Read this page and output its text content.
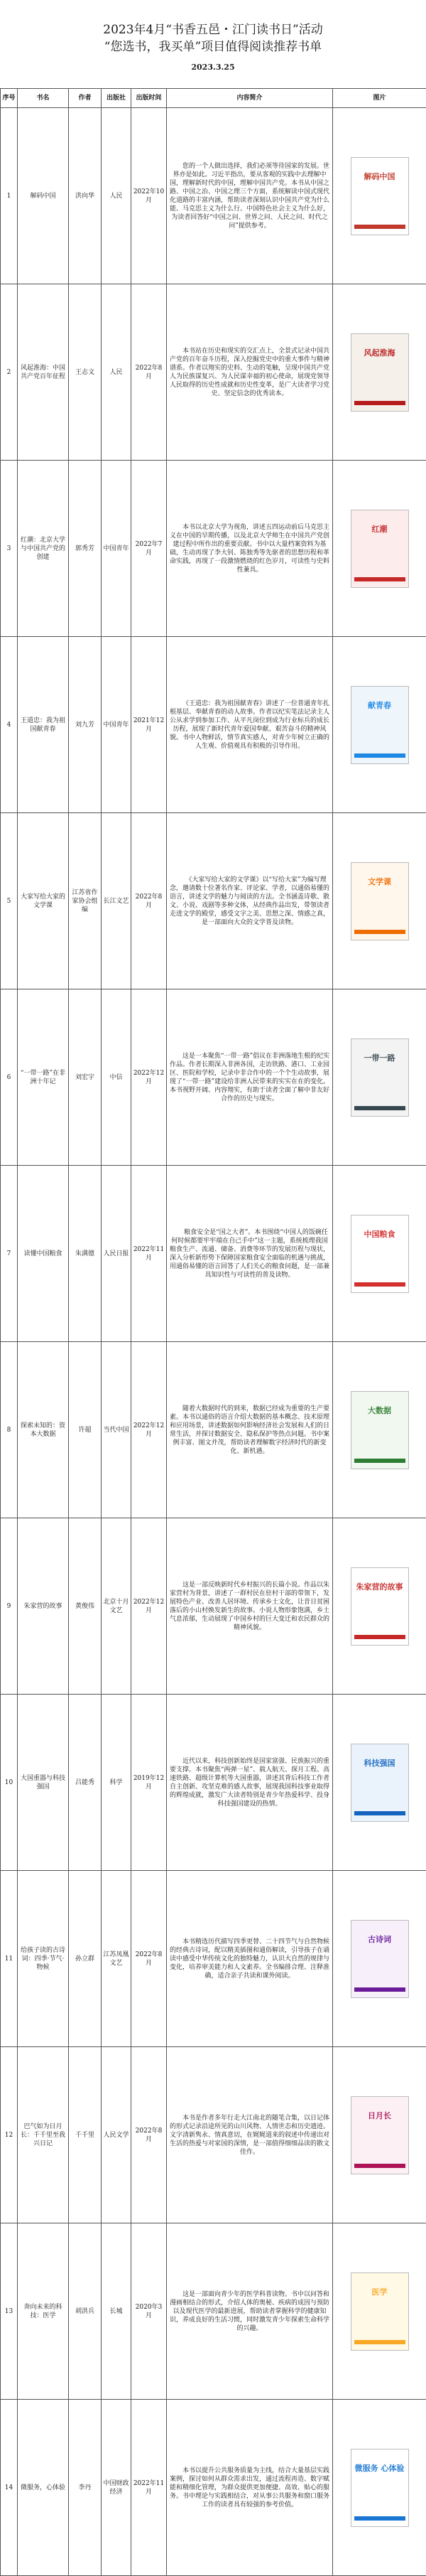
2023年4月“书香五邑・江门读书日”活动
“您选书，我买单”项目值得阅读推荐书单
2023.3.25
序号	书名	作者	出版社	出版时间	内容简介	图片
1	解码中国	洪向华	人民	2022年10月	您的一个人做出选择，我们必须等待国家的发展。世界亦是如此。习近平指出，要从客观的实践中去理解中国，理解新时代的中国，理解中国共产党。本书从中国之路、中国之治、中国之理三个方面，系统解读中国式现代化道路的丰富内涵，帮助读者深刻认识中国共产党为什么能、马克思主义为什么行、中国特色社会主义为什么好，为读者回答好“中国之问、世界之问、人民之问、时代之问”提供参考。	解码中国

2	风起淮海：中国共产党百年征程	王志文	人民	2022年8月	本书站在历史和现实的交汇点上，全景式记录中国共产党的百年奋斗历程，深入挖掘党史中的重大事件与精神谱系。作者以翔实的史料、生动的笔触，呈现中国共产党人为民族谋复兴、为人民谋幸福的初心使命，展现党领导人民取得的历史性成就和历史性变革，是广大读者学习党史、坚定信念的优秀读本。	风起淮海

3	红潮：北京大学与中国共产党的创建	郭秀芳	中国青年	2022年7月	本书以北京大学为视角，讲述五四运动前后马克思主义在中国的早期传播，以及北京大学师生在中国共产党创建过程中所作出的重要贡献。书中以大量档案资料为基础，生动再现了李大钊、陈独秀等先驱者的思想历程和革命实践，再现了一段激情燃烧的红色岁月，可读性与史料性兼具。	红潮

4	王道忠：我为祖国献青春	刘九芳	中国青年	2021年12月	《王道忠：我为祖国献青春》讲述了一位普通青年扎根基层、奉献青春的动人故事。作者以纪实笔法记录主人公从求学到参加工作、从平凡岗位到成为行业标兵的成长历程，展现了新时代青年爱国奉献、艰苦奋斗的精神风貌。书中人物鲜活，情节真实感人，对青少年树立正确的人生观、价值观具有积极的引导作用。	献青春

5	大家写给大家的文学课	江苏省作家协会组编	长江文艺	2022年8月	《大家写给大家的文学课》以“写给大家”为编写理念，邀请数十位著名作家、评论家、学者，以通俗易懂的语言，讲述文学的魅力与阅读的方法。全书涵盖诗歌、散文、小说、戏剧等多种文体，从经典作品出发，带领读者走进文学的殿堂，感受文字之美、思想之深、情感之真，是一部面向大众的文学普及读物。	文学课

6	“一带一路”在非洲十年记	刘宏宇	中信	2022年12月	这是一本聚焦“一带一路”倡议在非洲落地生根的纪实作品。作者长期深入非洲各国，走访铁路、港口、工业园区、医院和学校，记录中非合作中的一个个生动故事，展现了“一带一路”建设给非洲人民带来的实实在在的变化。本书视野开阔、内容翔实，有助于读者全面了解中非友好合作的历史与现实。	一带一路

7	读懂中国粮食	朱满德	人民日报	2022年11月	粮食安全是“国之大者”。本书围绕“中国人的饭碗任何时候都要牢牢端在自己手中”这一主题，系统梳理我国粮食生产、流通、储备、消费等环节的发展历程与现状，深入分析新形势下保障国家粮食安全面临的机遇与挑战，用通俗易懂的语言回答了人们关心的粮食问题，是一部兼具知识性与可读性的普及读物。	中国粮食

8	探索未知的：资本大数据	许超	当代中国	2022年12月	随着大数据时代的到来，数据已经成为重要的生产要素。本书以通俗的语言介绍大数据的基本概念、技术原理和应用场景，讲述数据如何影响经济社会发展和人们的日常生活，并探讨数据安全、隐私保护等热点问题。书中案例丰富、图文并茂，帮助读者理解数字经济时代的新变化、新机遇。	大数据

9	朱家营的故事	黄俊伟	北京十月文艺	2022年12月	这是一部反映新时代乡村振兴的长篇小说。作品以朱家营村为背景，讲述了一群村民在驻村干部的带领下，发展特色产业、改善人居环境、传承乡土文化，让昔日贫困落后的小山村焕发新生的故事。小说人物形象饱满，乡土气息浓郁，生动展现了中国乡村的巨大变迁和农民群众的精神风貌。	朱家营的故事

10	大国重器与科技强国	吕能秀	科学	2019年12月	近代以来，科技创新始终是国家富强、民族振兴的重要支撑。本书聚焦“两弹一星”、载人航天、探月工程、高速铁路、超级计算机等大国重器，讲述其背后科技工作者自主创新、攻坚克难的感人故事，展现我国科技事业取得的辉煌成就，激发广大读者特别是青少年热爱科学、投身科技强国建设的热情。	科技强国

11	给孩子读的古诗词：四季·节气·物候	孙立群	江苏凤凰文艺	2022年8月	本书精选历代描写四季更替、二十四节气与自然物候的经典古诗词，配以精美插图和通俗解读，引导孩子在诵读中感受中华传统文化的独特魅力，认识大自然的规律与变化，培养审美能力和人文素养。全书编排合理、注释准确，适合亲子共读和课外阅读。	古诗词

12	巴气如为日月长：千千里至我兴日记	千千里	人民文学	2022年8月	本书是作者多年行走大江南北的随笔合集，以日记体的形式记录沿途所见的山川风物、人情世态和历史遗迹。文字清新隽永、情真意切，在娓娓道来的叙述中传递出对生活的热爱与对家国的深情，是一部值得细细品读的散文佳作。	日月长

13	奔向未来的科技：医学	胡洪兵	长城	2020年3月	这是一部面向青少年的医学科普读物。书中以问答和漫画相结合的形式，介绍人体的奥秘、疾病的成因与预防以及现代医学的最新进展，帮助读者掌握科学的健康知识，养成良好的生活习惯，同时激发青少年探索生命科学的兴趣。	医学

14	微服务，心体验	李丹	中国财政经济	2022年11月	本书以提升公共服务质量为主线，结合大量基层实践案例，探讨如何从群众需求出发，通过流程再造、数字赋能和精细化管理，为群众提供更加便捷、高效、贴心的服务。书中理论与实践相结合，对从事公共服务和窗口服务工作的读者具有较强的参考价值。	微服务 心体验
